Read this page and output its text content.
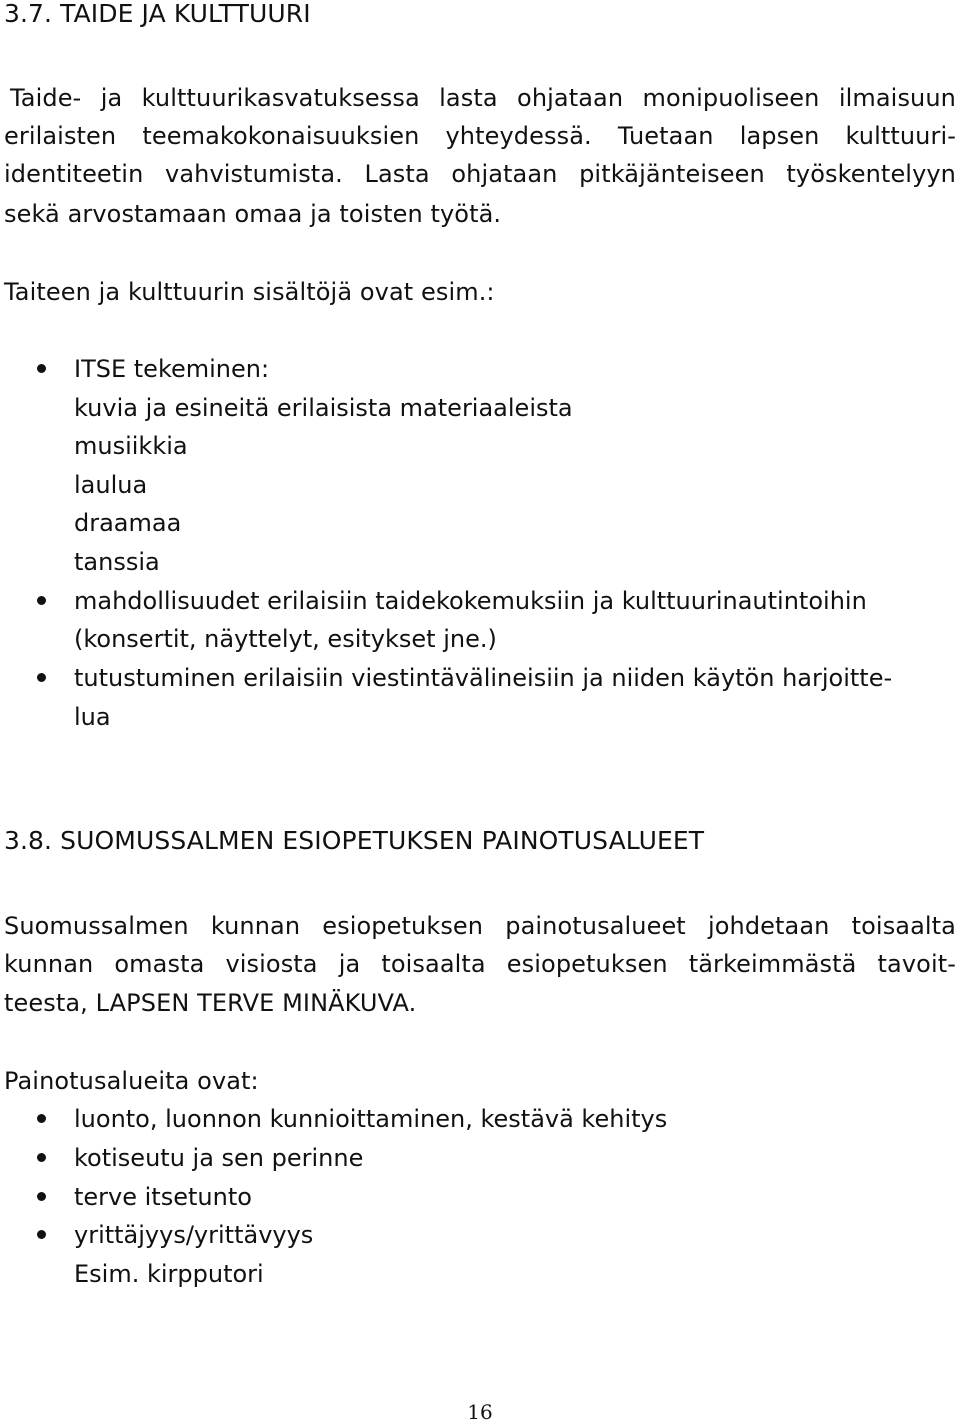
3.7. TAIDE JA KULTTUURI
Taide- ja kulttuurikasvatuksessa lasta ohjataan monipuoliseen ilmaisuun
erilaisten teemakokonaisuuksien yhteydessä. Tuetaan lapsen kulttuuri-
identiteetin vahvistumista. Lasta ohjataan pitkäjänteiseen työskentelyyn
sekä arvostamaan omaa ja toisten työtä.
Taiteen ja kulttuurin sisältöjä ovat esim.:
ITSE tekeminen:
kuvia ja esineitä erilaisista materiaaleista
musiikkia
laulua
draamaa
tanssia
mahdollisuudet erilaisiin taidekokemuksiin ja kulttuurinautintoihin
(konsertit, näyttelyt, esitykset jne.)
tutustuminen erilaisiin viestintävälineisiin ja niiden käytön harjoitte-
lua
3.8. SUOMUSSALMEN ESIOPETUKSEN PAINOTUSALUEET
Suomussalmen kunnan esiopetuksen painotusalueet johdetaan toisaalta
kunnan omasta visiosta ja toisaalta esiopetuksen tärkeimmästä tavoit-
teesta, LAPSEN TERVE MINÄKUVA.
Painotusalueita ovat:
luonto, luonnon kunnioittaminen, kestävä kehitys
kotiseutu ja sen perinne
terve itsetunto
yrittäjyys/yrittävyys
Esim. kirpputori
16
